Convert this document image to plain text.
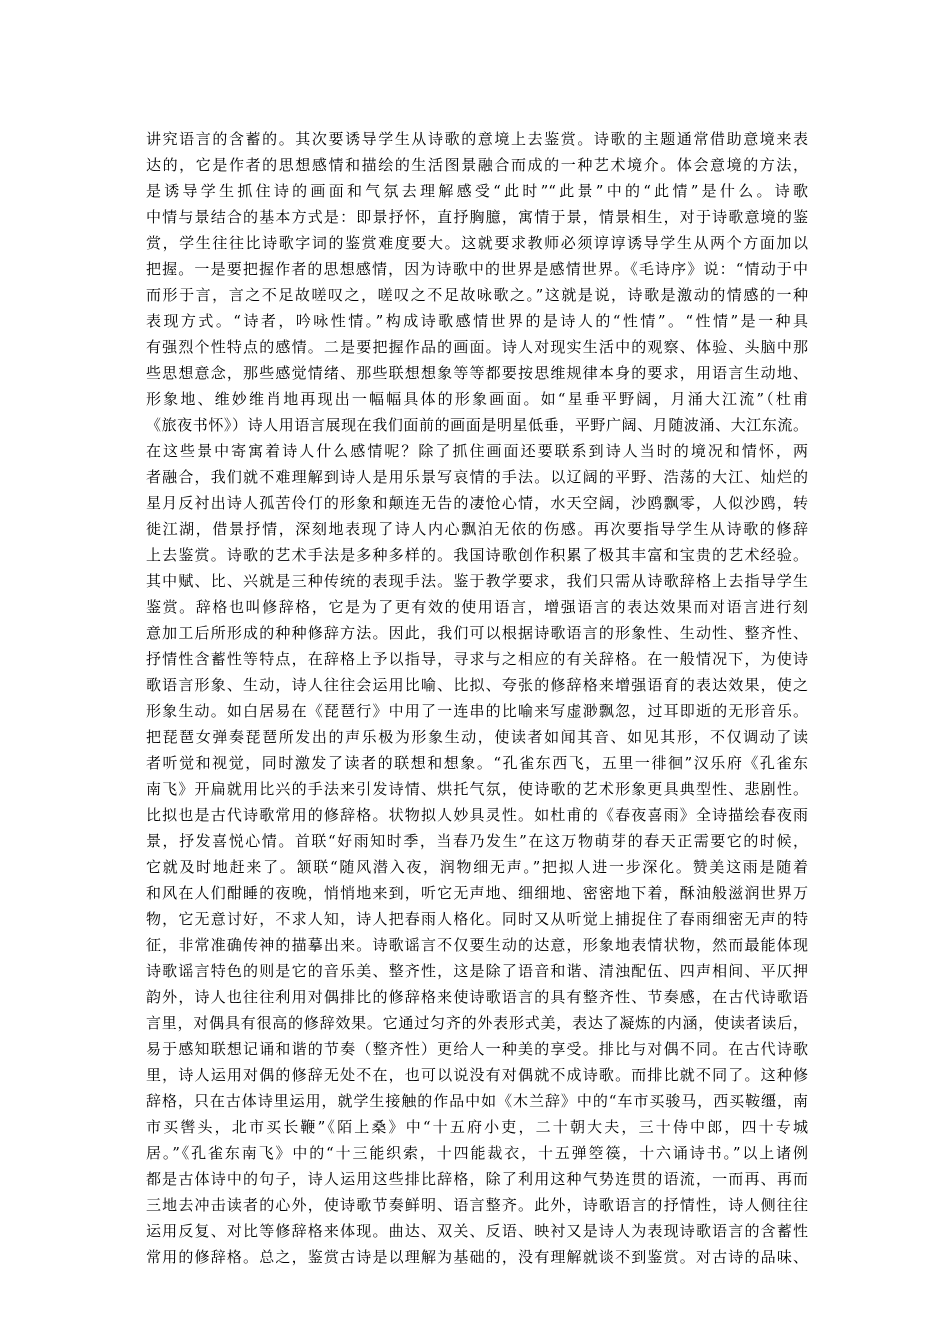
讲究语言的含蓄的。其次要诱导学生从诗歌的意境上去鉴赏。诗歌的主题通常借助意境来表
达的，它是作者的思想感情和描绘的生活图景融合而成的一种艺术境介。体会意境的方法，
是诱导学生抓住诗的画面和气氛去理解感受“此时”“此景”中的“此情”是什么。诗歌
中情与景结合的基本方式是：即景抒怀，直抒胸臆，寓情于景，情景相生，对于诗歌意境的鉴
赏，学生往往比诗歌字词的鉴赏难度要大。这就要求教师必须谆谆诱导学生从两个方面加以
把握。一是要把握作者的思想感情，因为诗歌中的世界是感情世界。《毛诗序》说：“情动于中
而形于言，言之不足故嗟叹之，嗟叹之不足故咏歌之。”这就是说，诗歌是激动的情感的一种
表现方式。“诗者，吟咏性情。”构成诗歌感情世界的是诗人的“性情”。“性情”是一种具
有强烈个性特点的感情。二是要把握作品的画面。诗人对现实生活中的观察、体验、头脑中那
些思想意念，那些感觉情绪、那些联想想象等等都要按思维规律本身的要求，用语言生动地、
形象地、维妙维肖地再现出一幅幅具体的形象画面。如“星垂平野阔，月涌大江流”（杜甫
《旅夜书怀》）诗人用语言展现在我们面前的画面是明星低垂，平野广阔、月随波涌、大江东流。
在这些景中寄寓着诗人什么感情呢？除了抓住画面还要联系到诗人当时的境况和情怀，两
者融合，我们就不难理解到诗人是用乐景写哀情的手法。以辽阔的平野、浩荡的大江、灿烂的
星月反衬出诗人孤苦伶仃的形象和颠连无告的凄怆心情，水天空阔，沙鸥飘零，人似沙鸥，转
徙江湖，借景抒情，深刻地表现了诗人内心飘泊无依的伤感。再次要指导学生从诗歌的修辞
上去鉴赏。诗歌的艺术手法是多种多样的。我国诗歌创作积累了极其丰富和宝贵的艺术经验。
其中赋、比、兴就是三种传统的表现手法。鉴于教学要求，我们只需从诗歌辞格上去指导学生
鉴赏。辞格也叫修辞格，它是为了更有效的使用语言，增强语言的表达效果而对语言进行刻
意加工后所形成的种种修辞方法。因此，我们可以根据诗歌语言的形象性、生动性、整齐性、
抒情性含蓄性等特点，在辞格上予以指导，寻求与之相应的有关辞格。在一般情况下，为使诗
歌语言形象、生动，诗人往往会运用比喻、比拟、夸张的修辞格来增强语育的表达效果，使之
形象生动。如白居易在《琵琶行》中用了一连串的比喻来写虚渺飘忽，过耳即逝的无形音乐。
把琵琶女弹奏琵琶所发出的声乐极为形象生动，使读者如闻其音、如见其形，不仅调动了读
者听觉和视觉，同时激发了读者的联想和想象。“孔雀东西飞，五里一徘徊”汉乐府《孔雀东
南飞》开扁就用比兴的手法来引发诗情、烘托气氛，使诗歌的艺术形象更具典型性、悲剧性。
比拟也是古代诗歌常用的修辞格。状物拟人妙具灵性。如杜甫的《春夜喜雨》全诗描绘春夜雨
景，抒发喜悦心情。首联“好雨知时季，当春乃发生”在这万物萌芽的春天正需要它的时候，
它就及时地赶来了。颔联“随风潜入夜，润物细无声。”把拟人进一步深化。赞美这雨是随着
和风在人们酣睡的夜晚，悄悄地来到，听它无声地、细细地、密密地下着，酥油般滋润世界万
物，它无意讨好，不求人知，诗人把春雨人格化。同时又从听觉上捕捉住了春雨细密无声的特
征，非常准确传神的描摹出来。诗歌谣言不仅要生动的达意，形象地表情状物，然而最能体现
诗歌谣言特色的则是它的音乐美、整齐性，这是除了语音和谐、清浊配伍、四声相间、平仄押
韵外，诗人也往往利用对偶排比的修辞格来使诗歌语言的具有整齐性、节奏感，在古代诗歌语
言里，对偶具有很高的修辞效果。它通过匀齐的外表形式美，表达了凝炼的内涵，使读者读后，
易于感知联想记诵和谐的节奏（整齐性）更给人一种美的享受。排比与对偶不同。在古代诗歌
里，诗人运用对偶的修辞无处不在，也可以说没有对偶就不成诗歌。而排比就不同了。这种修
辞格，只在古体诗里运用，就学生接触的作品中如《木兰辞》中的“车市买骏马，西买鞍缰，南
市买辔头，北市买长鞭”《陌上桑》中“十五府小吏，二十朝大夫，三十侍中郎，四十专城
居。”《孔雀东南飞》中的“十三能织索，十四能裁衣，十五弹箜篌，十六诵诗书。”以上诸例
都是古体诗中的句子，诗人运用这些排比辞格，除了利用这种气势连贯的语流，一而再、再而
三地去冲击读者的心外，使诗歌节奏鲜明、语言整齐。此外，诗歌语言的抒情性，诗人侧往往
运用反复、对比等修辞格来体现。曲达、双关、反语、映衬又是诗人为表现诗歌语言的含蓄性
常用的修辞格。总之，鉴赏古诗是以理解为基础的，没有理解就谈不到鉴赏。对古诗的品味、
